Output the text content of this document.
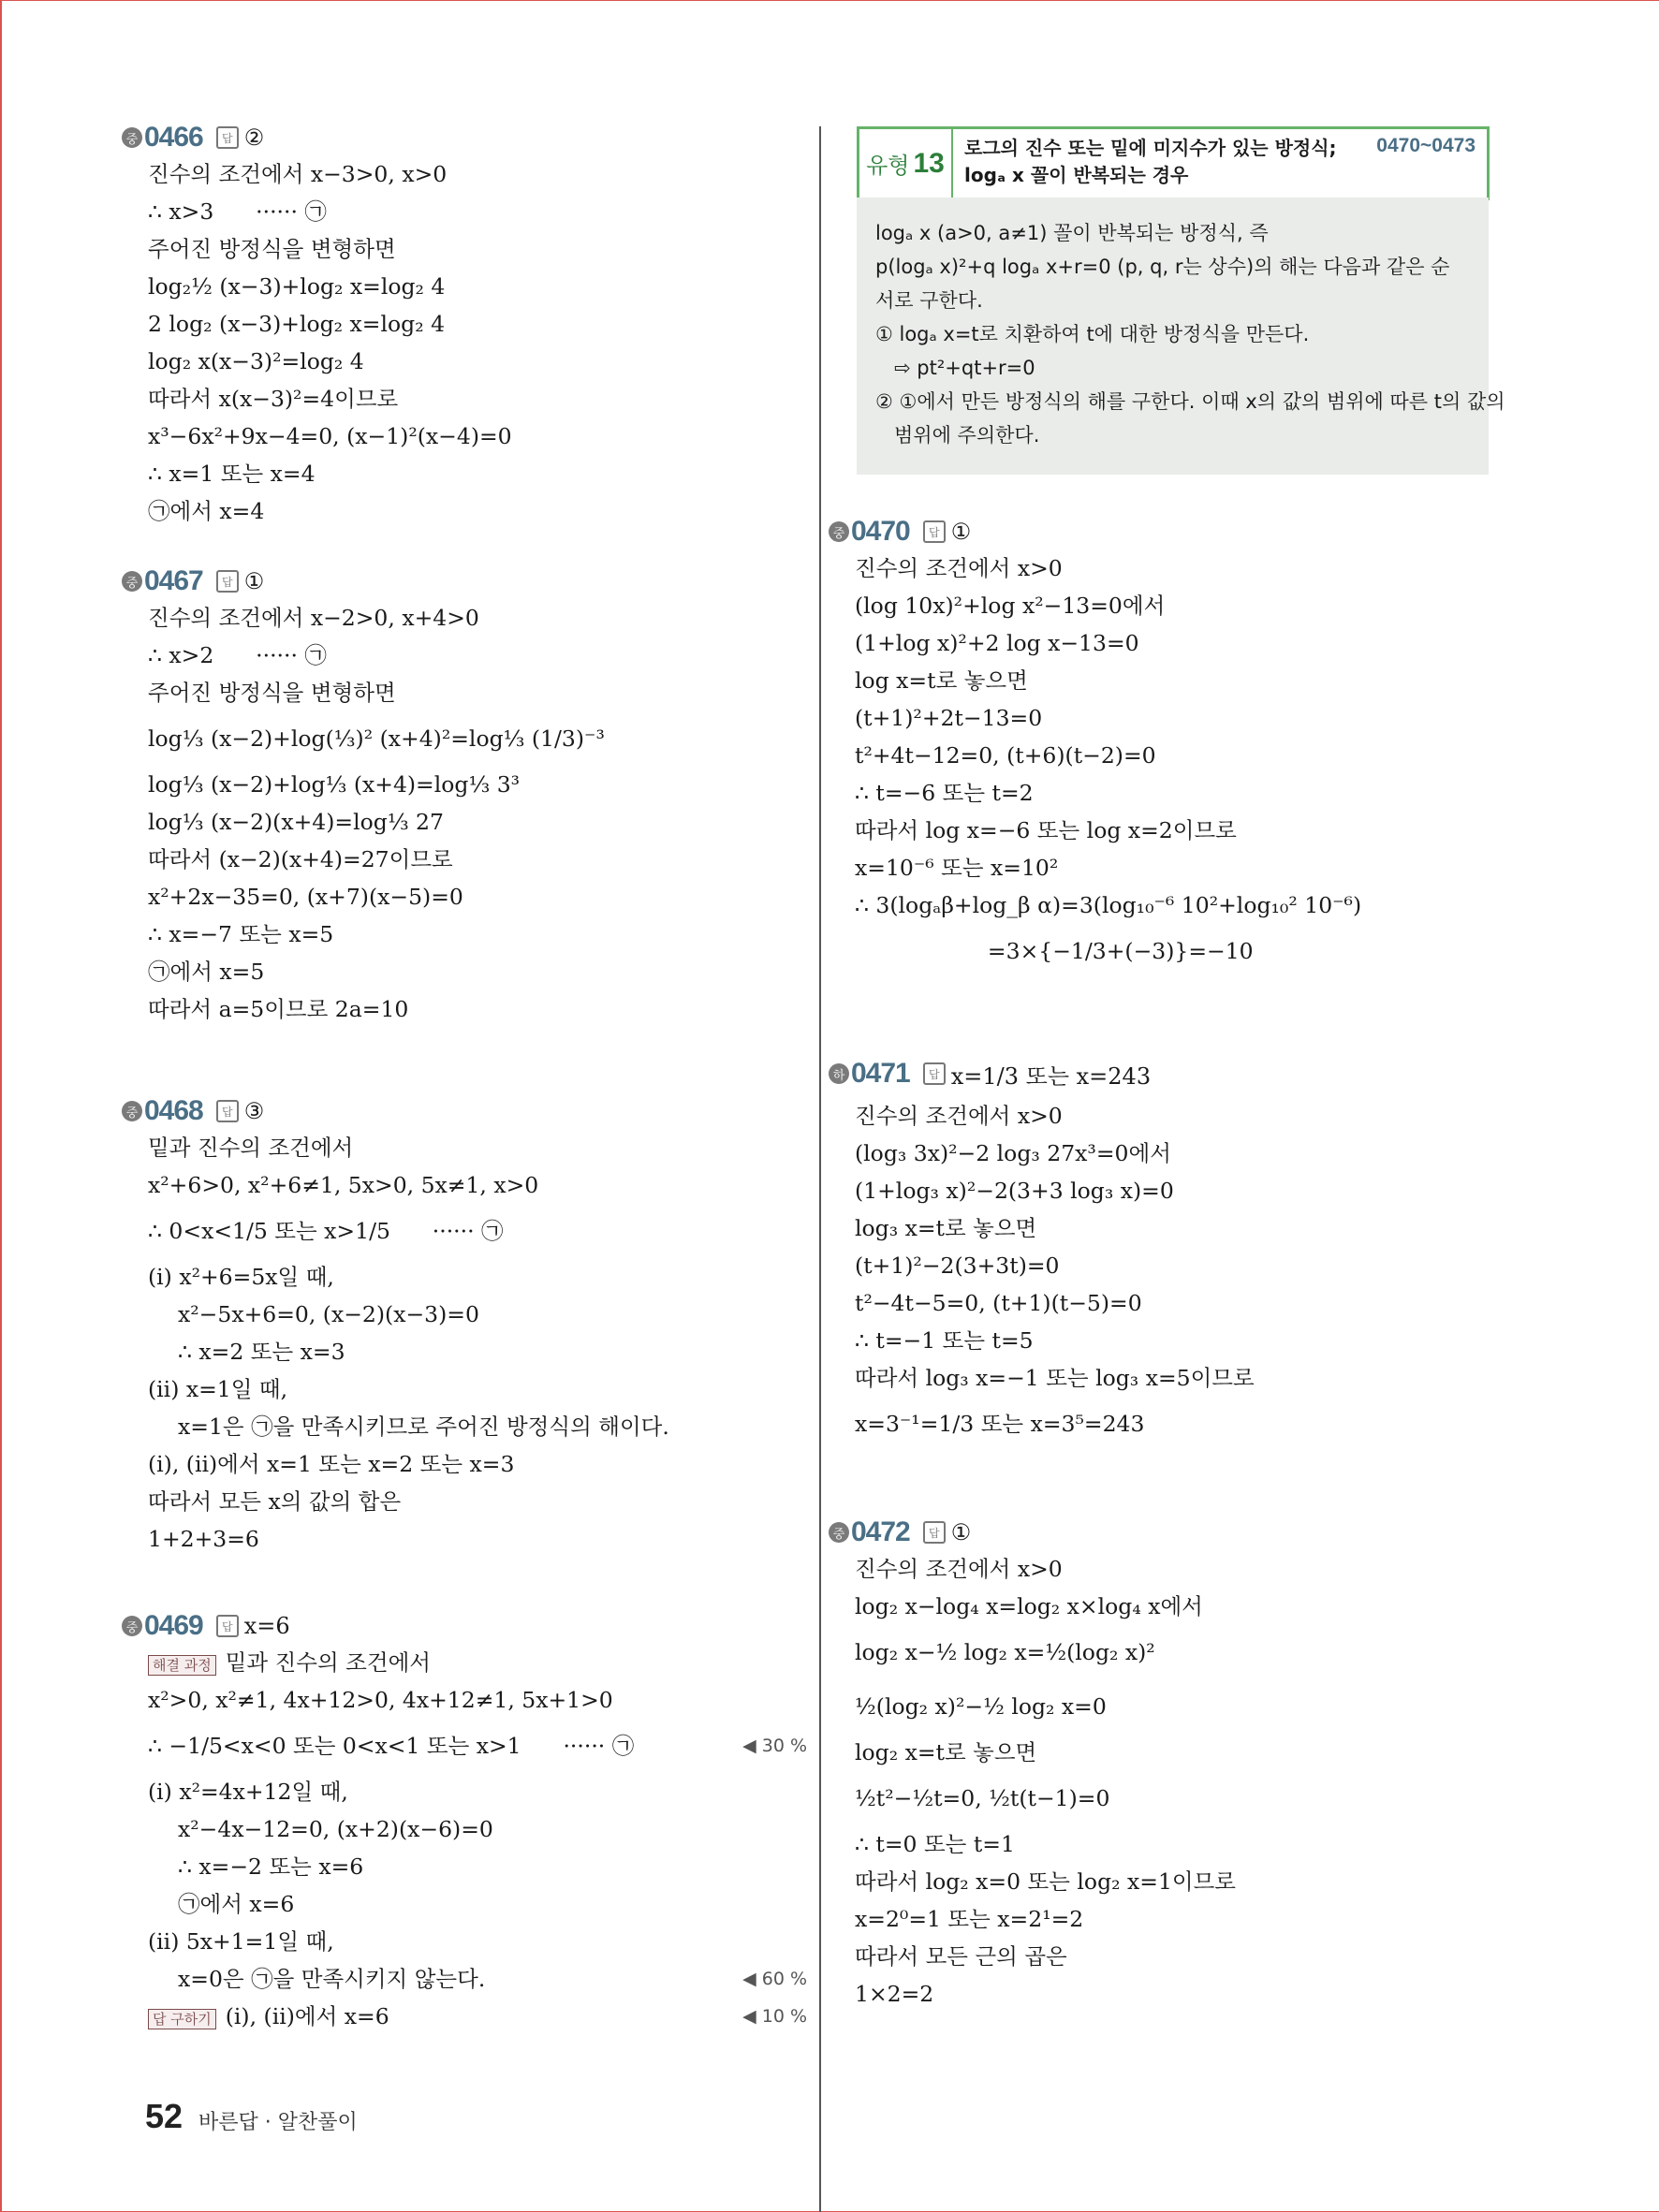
중 0466	답 ②
진수의 조건에서 x−3>0, x>0
∴ x>3      ······ ㉠
주어진 방정식을 변형하면
log₂½ (x−3)+log₂ x=log₂ 4
2 log₂ (x−3)+log₂ x=log₂ 4
log₂ x(x−3)²=log₂ 4
따라서 x(x−3)²=4이므로
x³−6x²+9x−4=0, (x−1)²(x−4)=0
∴ x=1 또는 x=4
㉠에서 x=4
중 0467	답 ①
진수의 조건에서 x−2>0, x+4>0
∴ x>2      ······ ㉠
주어진 방정식을 변형하면
log⅓ (x−2)+log(⅓)² (x+4)²=log⅓ (1/3)⁻³
log⅓ (x−2)+log⅓ (x+4)=log⅓ 3³
log⅓ (x−2)(x+4)=log⅓ 27
따라서 (x−2)(x+4)=27이므로
x²+2x−35=0, (x+7)(x−5)=0
∴ x=−7 또는 x=5
㉠에서 x=5
따라서 a=5이므로 2a=10
중 0468	답 ③
밑과 진수의 조건에서
x²+6>0, x²+6≠1, 5x>0, 5x≠1, x>0
∴ 0<x<1/5 또는 x>1/5      ······ ㉠
(ⅰ) x²+6=5x일 때,
x²−5x+6=0, (x−2)(x−3)=0
∴ x=2 또는 x=3
(ⅱ) x=1일 때,
x=1은 ㉠을 만족시키므로 주어진 방정식의 해이다.
(ⅰ), (ⅱ)에서 x=1 또는 x=2 또는 x=3
따라서 모든 x의 값의 합은
1+2+3=6
중 0469	답 x=6
해결 과정 밑과 진수의 조건에서
x²>0, x²≠1, 4x+12>0, 4x+12≠1, 5x+1>0
∴ −1/5<x<0 또는 0<x<1 또는 x>1      ······ ㉠	◀ 30 %
(ⅰ) x²=4x+12일 때,
x²−4x−12=0, (x+2)(x−6)=0
∴ x=−2 또는 x=6
㉠에서 x=6
(ⅱ) 5x+1=1일 때,
x=0은 ㉠을 만족시키지 않는다.	◀ 60 %
답 구하기 (ⅰ), (ⅱ)에서 x=6	◀ 10 %
유형 13 로그의 진수 또는 밑에 미지수가 있는 방정식;
logₐ x 꼴이 반복되는 경우
0470~0473
logₐ x (a>0, a≠1) 꼴이 반복되는 방정식, 즉
p(logₐ x)²+q logₐ x+r=0 (p, q, r는 상수)의 해는 다음과 같은 순
서로 구한다.
① logₐ x=t로 치환하여 t에 대한 방정식을 만든다.
⇨ pt²+qt+r=0
② ①에서 만든 방정식의 해를 구한다. 이때 x의 값의 범위에 따른 t의 값의
범위에 주의한다.
중 0470	답 ①
진수의 조건에서 x>0
(log 10x)²+log x²−13=0에서
(1+log x)²+2 log x−13=0
log x=t로 놓으면
(t+1)²+2t−13=0
t²+4t−12=0, (t+6)(t−2)=0
∴ t=−6 또는 t=2
따라서 log x=−6 또는 log x=2이므로
x=10⁻⁶ 또는 x=10²
∴ 3(logₐβ+log_β α)=3(log₁₀⁻⁶ 10²+log₁₀² 10⁻⁶)
=3×{−1/3+(−3)}=−10
하 0471	답 x=1/3 또는 x=243
진수의 조건에서 x>0
(log₃ 3x)²−2 log₃ 27x³=0에서
(1+log₃ x)²−2(3+3 log₃ x)=0
log₃ x=t로 놓으면
(t+1)²−2(3+3t)=0
t²−4t−5=0, (t+1)(t−5)=0
∴ t=−1 또는 t=5
따라서 log₃ x=−1 또는 log₃ x=5이므로
x=3⁻¹=1/3 또는 x=3⁵=243
중 0472	답 ①
진수의 조건에서 x>0
log₂ x−log₄ x=log₂ x×log₄ x에서
log₂ x−½ log₂ x=½(log₂ x)²
½(log₂ x)²−½ log₂ x=0
log₂ x=t로 놓으면
½t²−½t=0, ½t(t−1)=0
∴ t=0 또는 t=1
따라서 log₂ x=0 또는 log₂ x=1이므로
x=2⁰=1 또는 x=2¹=2
따라서 모든 근의 곱은
1×2=2
52 바른답 · 알찬풀이
